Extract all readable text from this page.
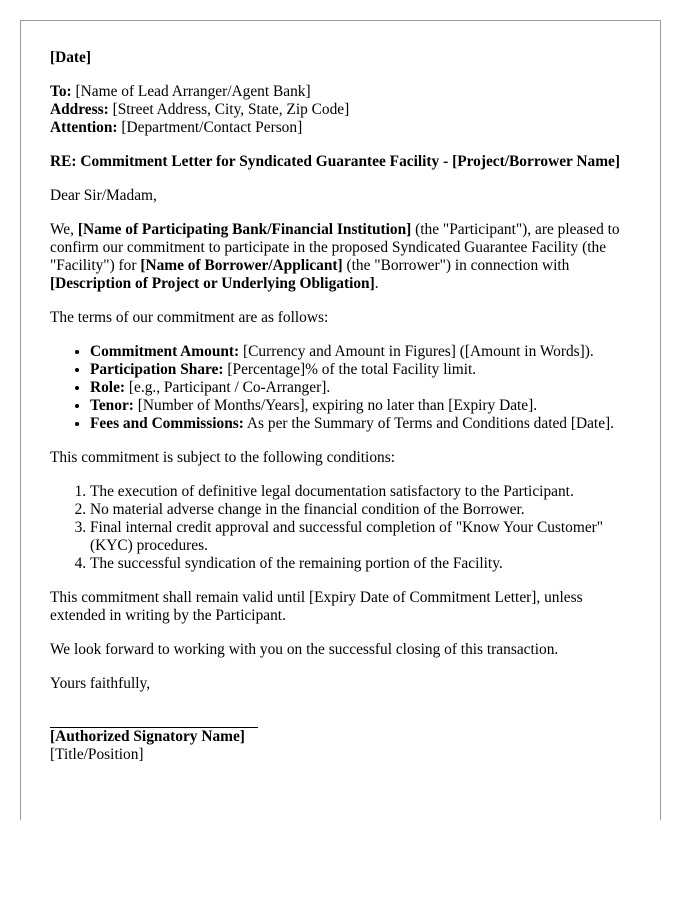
[Date]

To: [Name of Lead Arranger/Agent Bank]
Address: [Street Address, City, State, Zip Code]
Attention: [Department/Contact Person]

RE: Commitment Letter for Syndicated Guarantee Facility - [Project/Borrower Name]

Dear Sir/Madam,

We, [Name of Participating Bank/Financial Institution] (the "Participant"), are pleased to confirm our commitment to participate in the proposed Syndicated Guarantee Facility (the "Facility") for [Name of Borrower/Applicant] (the "Borrower") in connection with [Description of Project or Underlying Obligation].

The terms of our commitment are as follows:

• Commitment Amount: [Currency and Amount in Figures] ([Amount in Words]).
• Participation Share: [Percentage]% of the total Facility limit.
• Role: [e.g., Participant / Co-Arranger].
• Tenor: [Number of Months/Years], expiring no later than [Expiry Date].
• Fees and Commissions: As per the Summary of Terms and Conditions dated [Date].

This commitment is subject to the following conditions:

1. The execution of definitive legal documentation satisfactory to the Participant.
2. No material adverse change in the financial condition of the Borrower.
3. Final internal credit approval and successful completion of "Know Your Customer" (KYC) procedures.
4. The successful syndication of the remaining portion of the Facility.

This commitment shall remain valid until [Expiry Date of Commitment Letter], unless extended in writing by the Participant.

We look forward to working with you on the successful closing of this transaction.

Yours faithfully,

[Authorized Signatory Name]

[Title/Position]
